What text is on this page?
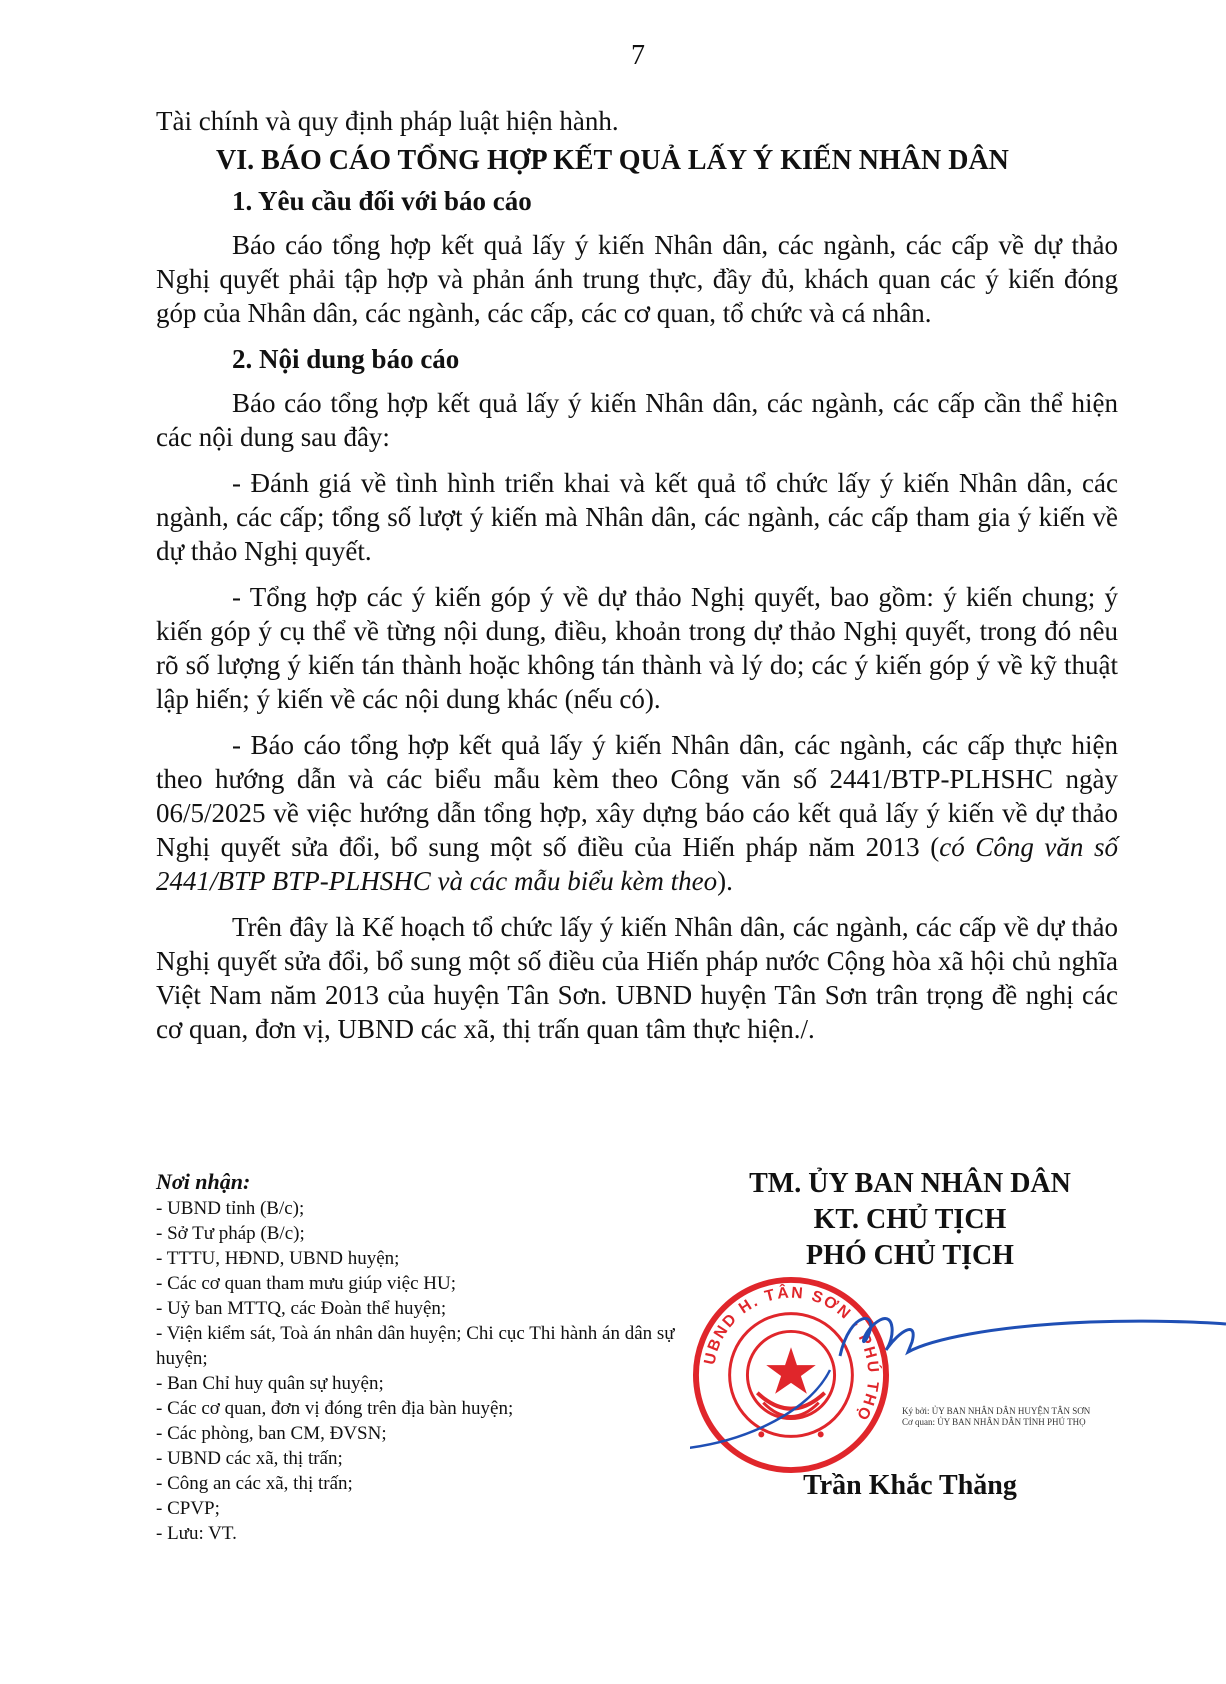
7

Tài chính và quy định pháp luật hiện hành.

VI. BÁO CÁO TỔNG HỢP KẾT QUẢ LẤY Ý KIẾN NHÂN DÂN

1. Yêu cầu đối với báo cáo

Báo cáo tổng hợp kết quả lấy ý kiến Nhân dân, các ngành, các cấp về dự thảo Nghị quyết phải tập hợp và phản ánh trung thực, đầy đủ, khách quan các ý kiến đóng góp của Nhân dân, các ngành, các cấp, các cơ quan, tổ chức và cá nhân.

2. Nội dung báo cáo

Báo cáo tổng hợp kết quả lấy ý kiến Nhân dân, các ngành, các cấp cần thể hiện các nội dung sau đây:

- Đánh giá về tình hình triển khai và kết quả tổ chức lấy ý kiến Nhân dân, các ngành, các cấp; tổng số lượt ý kiến mà Nhân dân, các ngành, các cấp tham gia ý kiến về dự thảo Nghị quyết.

- Tổng hợp các ý kiến góp ý về dự thảo Nghị quyết, bao gồm: ý kiến chung; ý kiến góp ý cụ thể về từng nội dung, điều, khoản trong dự thảo Nghị quyết, trong đó nêu rõ số lượng ý kiến tán thành hoặc không tán thành và lý do; các ý kiến góp ý về kỹ thuật lập hiến; ý kiến về các nội dung khác (nếu có).

- Báo cáo tổng hợp kết quả lấy ý kiến Nhân dân, các ngành, các cấp thực hiện theo hướng dẫn và các biểu mẫu kèm theo Công văn số 2441/BTP-PLHSHC ngày 06/5/2025 về việc hướng dẫn tổng hợp, xây dựng báo cáo kết quả lấy ý kiến về dự thảo Nghị quyết sửa đổi, bổ sung một số điều của Hiến pháp năm 2013 (có Công văn số 2441/BTP BTP-PLHSHC và các mẫu biểu kèm theo).

Trên đây là Kế hoạch tổ chức lấy ý kiến Nhân dân, các ngành, các cấp về dự thảo Nghị quyết sửa đổi, bổ sung một số điều của Hiến pháp nước Cộng hòa xã hội chủ nghĩa Việt Nam năm 2013 của huyện Tân Sơn. UBND huyện Tân Sơn trân trọng đề nghị các cơ quan, đơn vị, UBND các xã, thị trấn quan tâm thực hiện./.

Nơi nhận:
- UBND tỉnh (B/c);
- Sở Tư pháp (B/c);
- TTTU, HĐND, UBND huyện;
- Các cơ quan tham mưu giúp việc HU;
- Uỷ ban MTTQ, các Đoàn thể huyện;
- Viện kiểm sát, Toà án nhân dân huyện; Chi cục Thi hành án dân sự huyện;
- Ban Chỉ huy quân sự huyện;
- Các cơ quan, đơn vị đóng trên địa bàn huyện;
- Các phòng, ban CM, ĐVSN;
- UBND các xã, thị trấn;
- Công an các xã, thị trấn;
- CPVP;
- Lưu: VT.
TM. ỦY BAN NHÂN DÂN
KT. CHỦ TỊCH
PHÓ CHỦ TỊCH
UBND H. TÂN SƠN · PHÚ THỌ	Ký bởi: ỦY BAN NHÂN DÂN HUYỆN TÂN SƠN
Cơ quan: ỦY BAN NHÂN DÂN TỈNH PHÚ THỌ
Trần Khắc Thăng
